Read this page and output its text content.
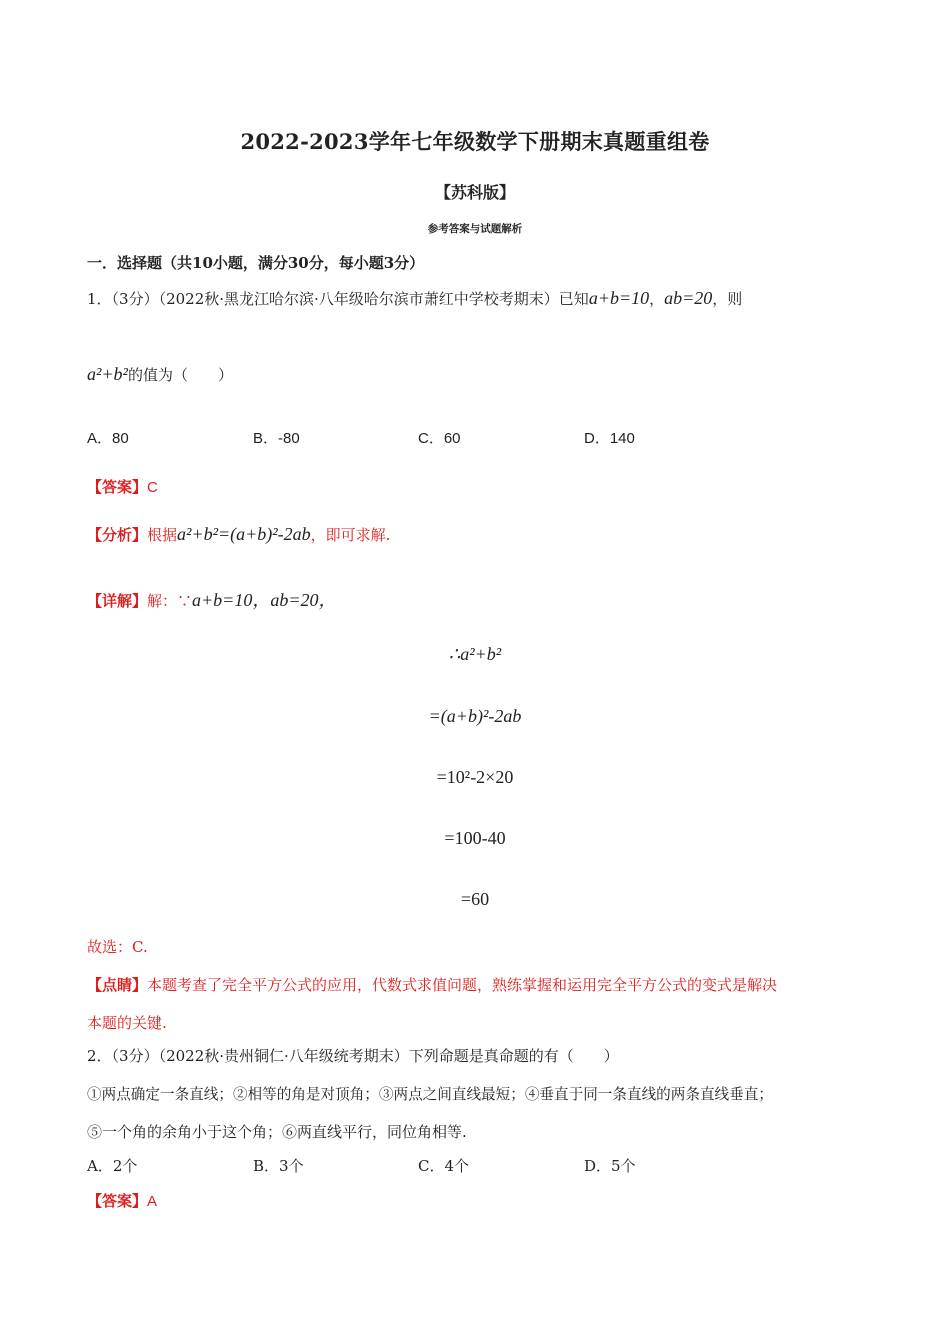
2022-2023学年七年级数学下册期末真题重组卷
【苏科版】
参考答案与试题解析
一．选择题（共10小题，满分30分，每小题3分）
1．（3分）（2022秋·黑龙江哈尔滨·八年级哈尔滨市萧红中学校考期末）已知a+b=10，ab=20，则
a²+b²的值为（　　）
A．80	B．-80	C．60	D．140
【答案】C
【分析】根据a²+b²=(a+b)²-2ab，即可求解.
【详解】解：∵a+b=10，ab=20，
∴a²+b²
=(a+b)²-2ab
=10²-2×20
=100-40
=60
故选：C.
【点睛】本题考查了完全平方公式的应用，代数式求值问题，熟练掌握和运用完全平方公式的变式是解决
本题的关键.
2．（3分）（2022秋·贵州铜仁·八年级统考期末）下列命题是真命题的有（　　）
①两点确定一条直线；②相等的角是对顶角；③两点之间直线最短；④垂直于同一条直线的两条直线垂直；
⑤一个角的余角小于这个角；⑥两直线平行，同位角相等.
A．2个	B．3个	C．4个	D．5个
【答案】A
